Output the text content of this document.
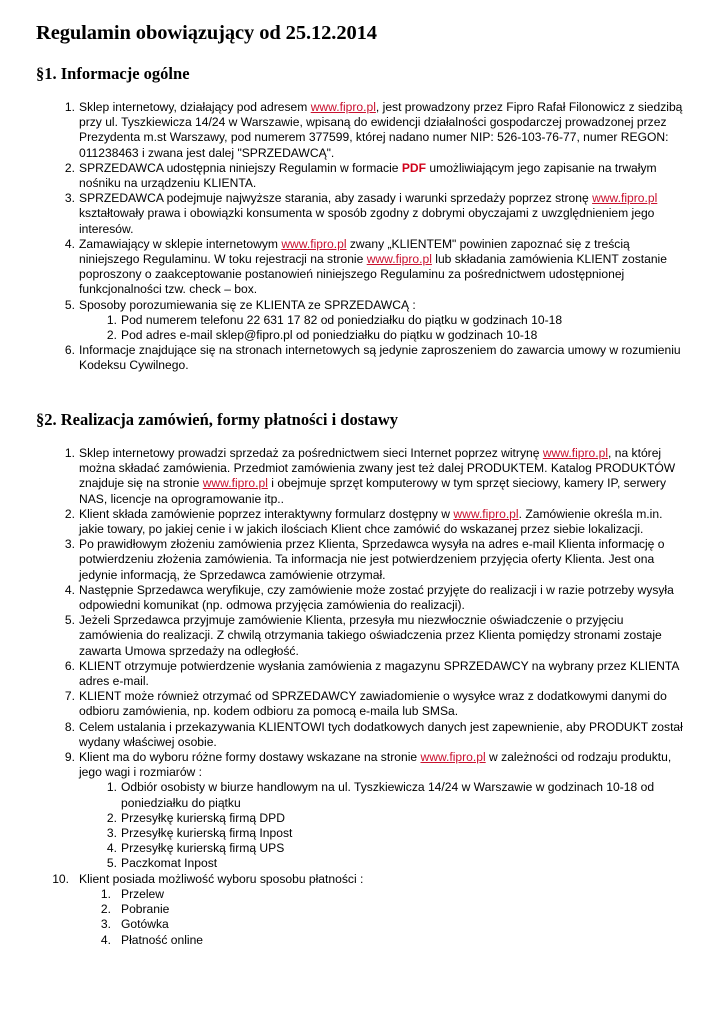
Regulamin obowiązujący od 25.12.2014
§1. Informacje ogólne
1. Sklep internetowy, działający pod adresem www.fipro.pl, jest prowadzony przez Fipro Rafał Filonowicz z siedzibą przy ul. Tyszkiewicza 14/24 w Warszawie, wpisaną do ewidencji działalności gospodarczej prowadzonej przez Prezydenta m.st Warszawy, pod numerem 377599, której nadano numer NIP: 526-103-76-77, numer REGON: 011238463 i zwana jest dalej "SPRZEDAWCĄ".
2. SPRZEDAWCA udostępnia niniejszy Regulamin w formacie PDF umożliwiającym jego zapisanie na trwałym nośniku na urządzeniu KLIENTA.
3. SPRZEDAWCA podejmuje najwyższe starania, aby zasady i warunki sprzedaży poprzez stronę www.fipro.pl kształtowały prawa i obowiązki konsumenta w sposób zgodny z dobrymi obyczajami z uwzględnieniem jego interesów.
4. Zamawiający w sklepie internetowym www.fipro.pl zwany „KLIENTEM" powinien zapoznać się z treścią niniejszego Regulaminu. W toku rejestracji na stronie www.fipro.pl lub składania zamówienia KLIENT zostanie poproszony o zaakceptowanie postanowień niniejszego Regulaminu za pośrednictwem udostępnionej funkcjonalności tzw. check – box.
5. Sposoby porozumiewania się ze KLIENTA ze SPRZEDAWCĄ :
1. Pod numerem telefonu 22 631 17 82 od poniedziałku do piątku w godzinach 10-18
2. Pod adres e-mail sklep@fipro.pl od poniedziałku do piątku w godzinach 10-18
6. Informacje znajdujące się na stronach internetowych są jedynie zaproszeniem do zawarcia umowy w rozumieniu Kodeksu Cywilnego.
§2. Realizacja zamówień, formy płatności i dostawy
1. Sklep internetowy prowadzi sprzedaż za pośrednictwem sieci Internet poprzez witrynę www.fipro.pl, na której można składać zamówienia. Przedmiot zamówienia zwany jest też dalej PRODUKTEM. Katalog PRODUKTÓW znajduje się na stronie www.fipro.pl i obejmuje sprzęt komputerowy w tym sprzęt sieciowy, kamery IP, serwery NAS, licencje na oprogramowanie itp..
2. Klient składa zamówienie poprzez interaktywny formularz dostępny w www.fipro.pl. Zamówienie określa m.in. jakie towary, po jakiej cenie i w jakich ilościach Klient chce zamówić do wskazanej przez siebie lokalizacji.
3. Po prawidłowym złożeniu zamówienia przez Klienta, Sprzedawca wysyła na adres e-mail Klienta informację o potwierdzeniu złożenia zamówienia. Ta informacja nie jest potwierdzeniem przyjęcia oferty Klienta. Jest ona jedynie informacją, że Sprzedawca zamówienie otrzymał.
4. Następnie Sprzedawca weryfikuje, czy zamówienie może zostać przyjęte do realizacji i w razie potrzeby wysyła odpowiedni komunikat (np. odmowa przyjęcia zamówienia do realizacji).
5. Jeżeli Sprzedawca przyjmuje zamówienie Klienta, przesyła mu niezwłocznie oświadczenie o przyjęciu zamówienia do realizacji. Z chwilą otrzymania takiego oświadczenia przez Klienta pomiędzy stronami zostaje zawarta Umowa sprzedaży na odległość.
6. KLIENT otrzymuje potwierdzenie wysłania zamówienia z magazynu SPRZEDAWCY na wybrany przez KLIENTA adres e-mail.
7. KLIENT może również otrzymać od SPRZEDAWCY zawiadomienie o wysyłce wraz z dodatkowymi danymi do odbioru zamówienia, np. kodem odbioru za pomocą e-maila lub SMSa.
8. Celem ustalania i przekazywania KLIENTOWI tych dodatkowych danych jest zapewnienie, aby PRODUKT został wydany właściwej osobie.
9. Klient ma do wyboru różne formy dostawy wskazane na stronie www.fipro.pl w zależności od rodzaju produktu, jego wagi i rozmiarów :
1. Odbiór osobisty w biurze handlowym na ul. Tyszkiewicza 14/24 w Warszawie w godzinach 10-18 od poniedziałku do piątku
2. Przesyłkę kurierską firmą DPD
3. Przesyłkę kurierską firmą Inpost
4. Przesyłkę kurierską firmą UPS
5. Paczkomat Inpost
10. Klient posiada możliwość wyboru sposobu płatności :
1. Przelew
2. Pobranie
3. Gotówka
4. Płatność online
